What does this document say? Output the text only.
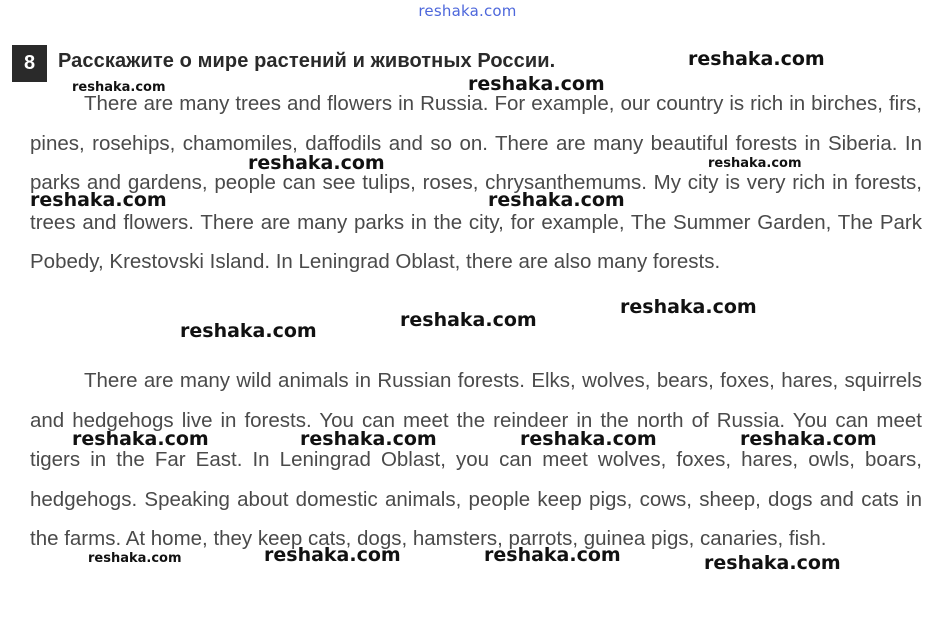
reshaka.com
8	Расскажите о мире растений и животных России.

There are many trees and flowers in Russia. For example, our country is rich in birches, firs, pines, rosehips, chamomiles, daffodils and so on. There are many beautiful forests in Siberia. In parks and gardens, people can see tulips, roses, chrysanthemums. My city is very rich in forests, trees and flowers. There are many parks in the city, for example, The Summer Garden, The Park Pobedy, Krestovski Island. In Leningrad Oblast, there are also many forests.

There are many wild animals in Russian forests. Elks, wolves, bears, foxes, hares, squirrels and hedgehogs live in forests. You can meet the reindeer in the north of Russia. You can meet tigers in the Far East. In Leningrad Oblast, you can meet wolves, foxes, hares, owls, boars, hedgehogs. Speaking about domestic animals, people keep pigs, cows, sheep, dogs and cats in the farms. At home, they keep cats, dogs, hamsters, parrots, guinea pigs, canaries, fish.

reshaka.com
reshaka.com	reshaka.com
reshaka.com	reshaka.com
reshaka.com	reshaka.com
reshaka.com
reshaka.com
reshaka.com
reshaka.com	reshaka.com	reshaka.com	reshaka.com
reshaka.com	reshaka.com	reshaka.com	reshaka.com
